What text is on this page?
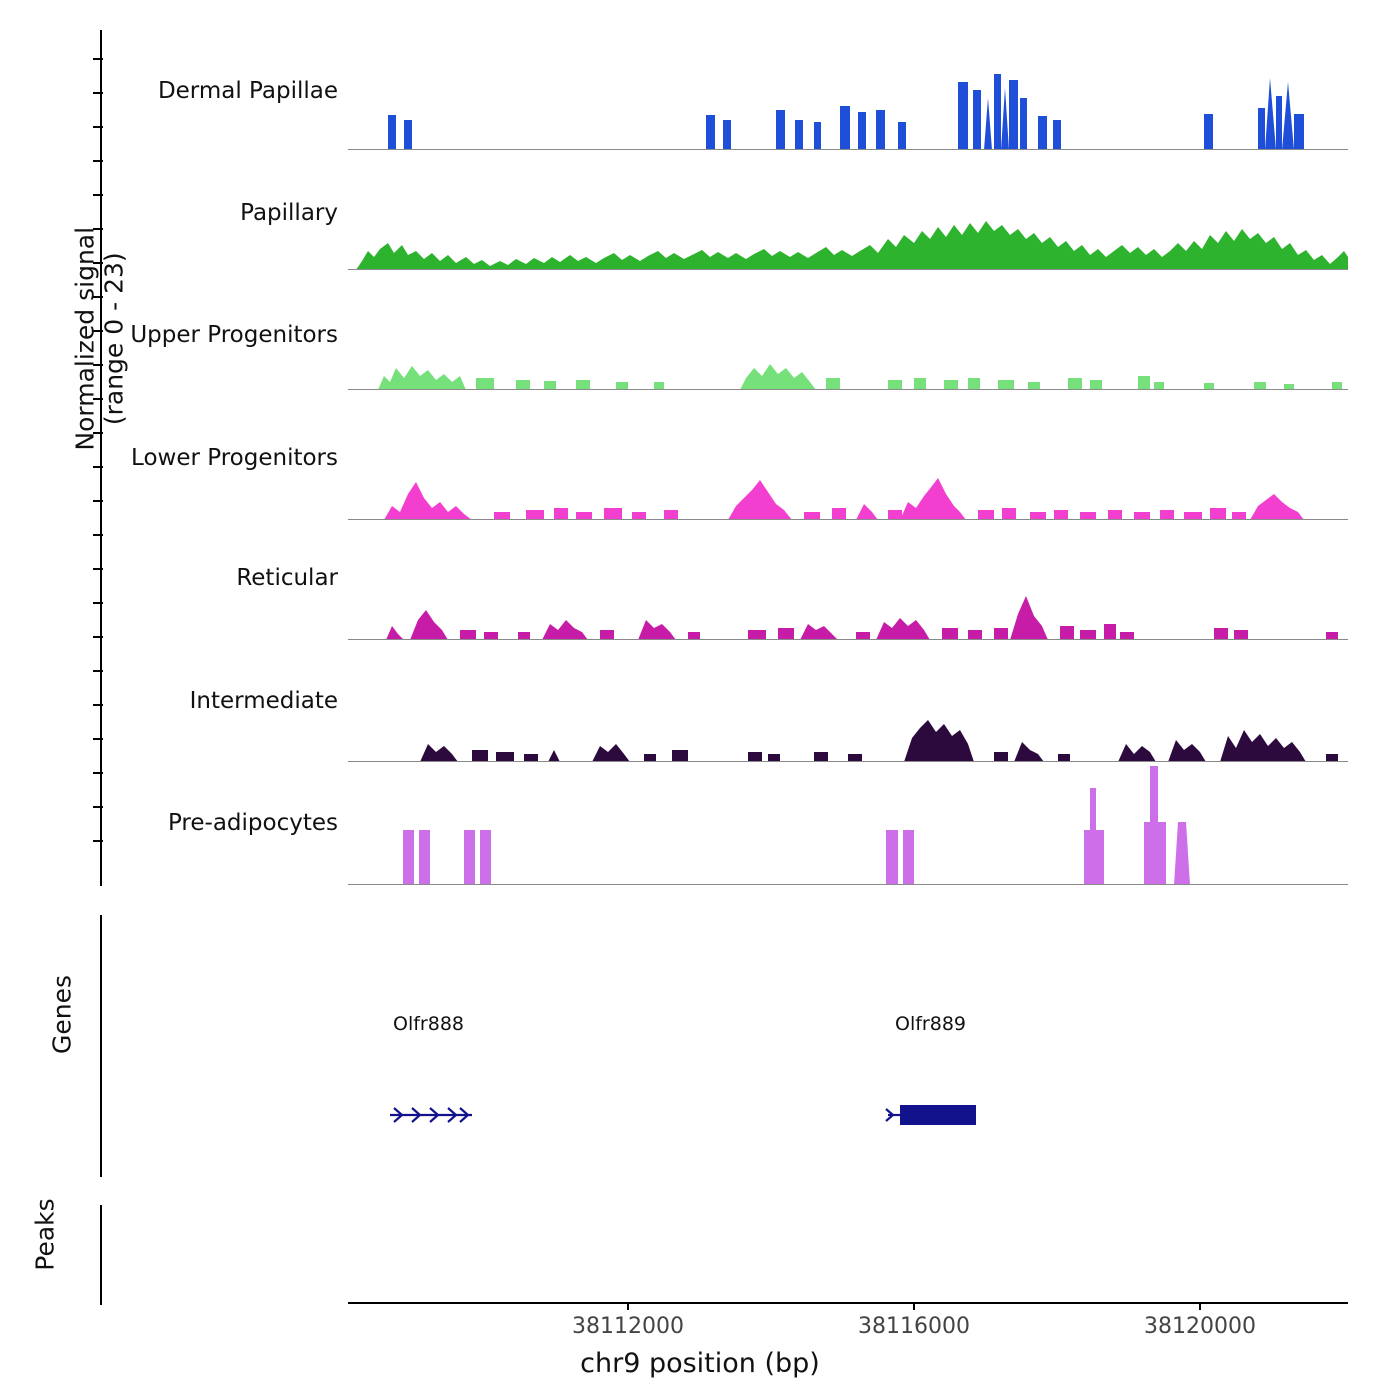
Normalized signal
(range 0 - 23)
Genes
Peaks
Dermal Papillae
Papillary
Upper Progenitors
Lower Progenitors
Reticular
Intermediate
Pre-adipocytes
Olfr888	Olfr889
38112000	38116000	38120000
chr9 position (bp)
